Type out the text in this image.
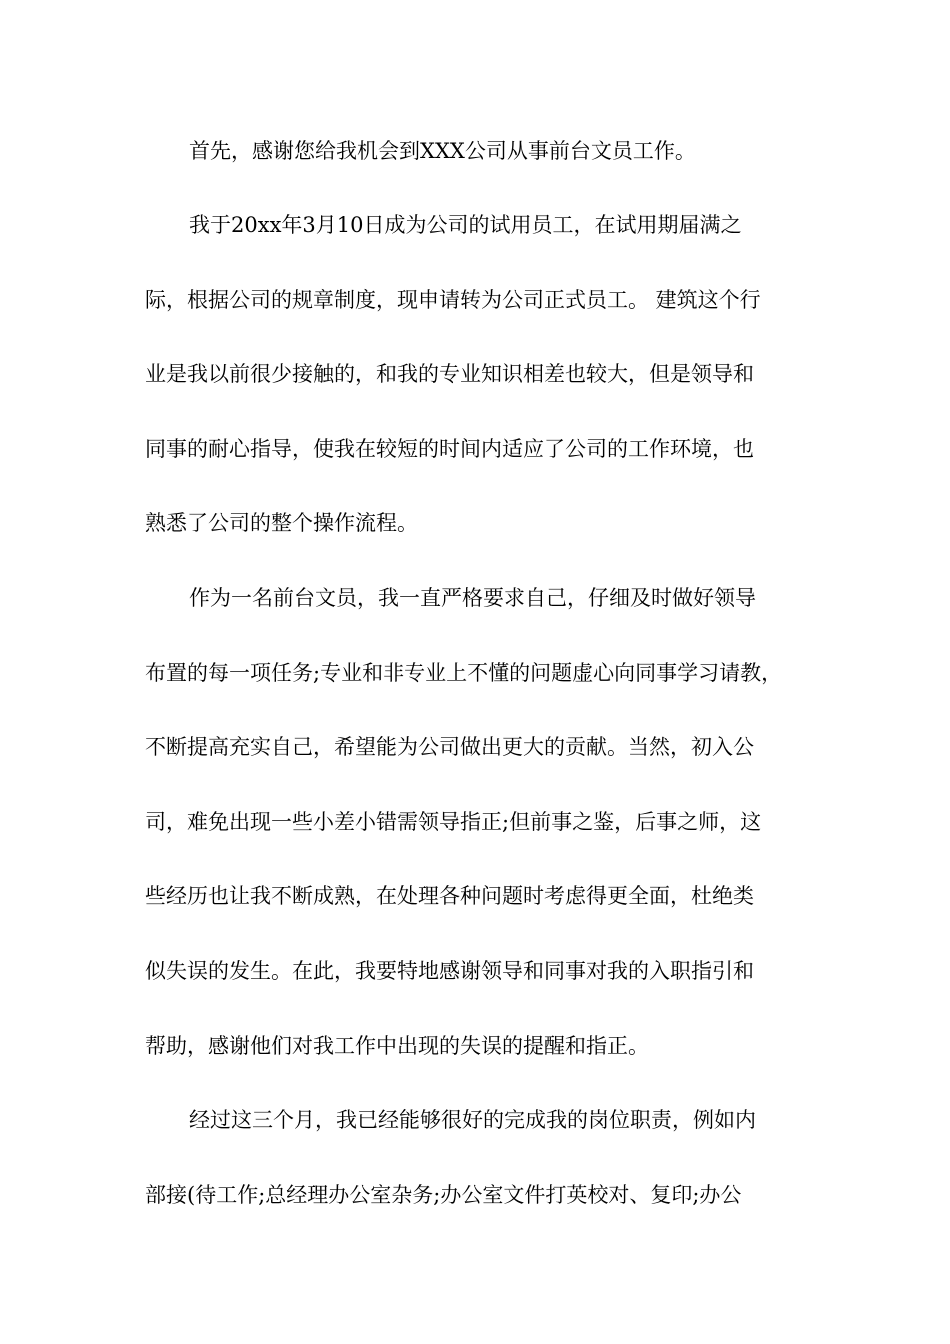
首先，感谢您给我机会到XXX公司从事前台文员工作。
我于20xx年3月10日成为公司的试用员工，在试用期届满之
际，根据公司的规章制度，现申请转为公司正式员工。 建筑这个行
业是我以前很少接触的，和我的专业知识相差也较大，但是领导和
同事的耐心指导，使我在较短的时间内适应了公司的工作环境，也
熟悉了公司的整个操作流程。
作为一名前台文员，我一直严格要求自己，仔细及时做好领导
布置的每一项任务;专业和非专业上不懂的问题虚心向同事学习请教，
不断提高充实自己，希望能为公司做出更大的贡献。当然，初入公
司，难免出现一些小差小错需领导指正;但前事之鉴，后事之师，这
些经历也让我不断成熟，在处理各种问题时考虑得更全面，杜绝类
似失误的发生。在此，我要特地感谢领导和同事对我的入职指引和
帮助，感谢他们对我工作中出现的失误的提醒和指正。
经过这三个月，我已经能够很好的完成我的岗位职责，例如内
部接(待工作;总经理办公室杂务;办公室文件打英校对、复印;办公
